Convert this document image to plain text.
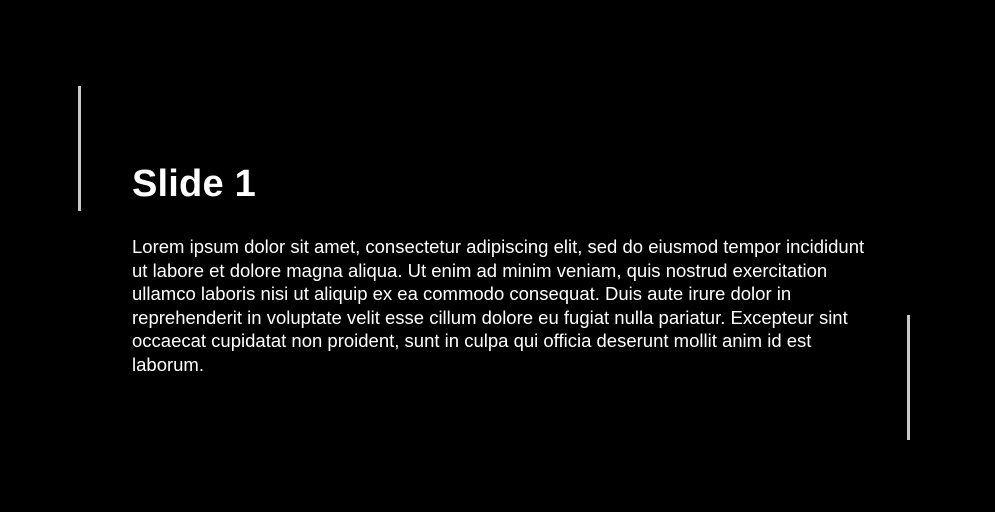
Slide 1

Lorem ipsum dolor sit amet, consectetur adipiscing elit, sed do eiusmod tempor incididunt ut labore et dolore magna aliqua. Ut enim ad minim veniam, quis nostrud exercitation ullamco laboris nisi ut aliquip ex ea commodo consequat. Duis aute irure dolor in reprehenderit in voluptate velit esse cillum dolore eu fugiat nulla pariatur. Excepteur sint occaecat cupidatat non proident, sunt in culpa qui officia deserunt mollit anim id est laborum.
